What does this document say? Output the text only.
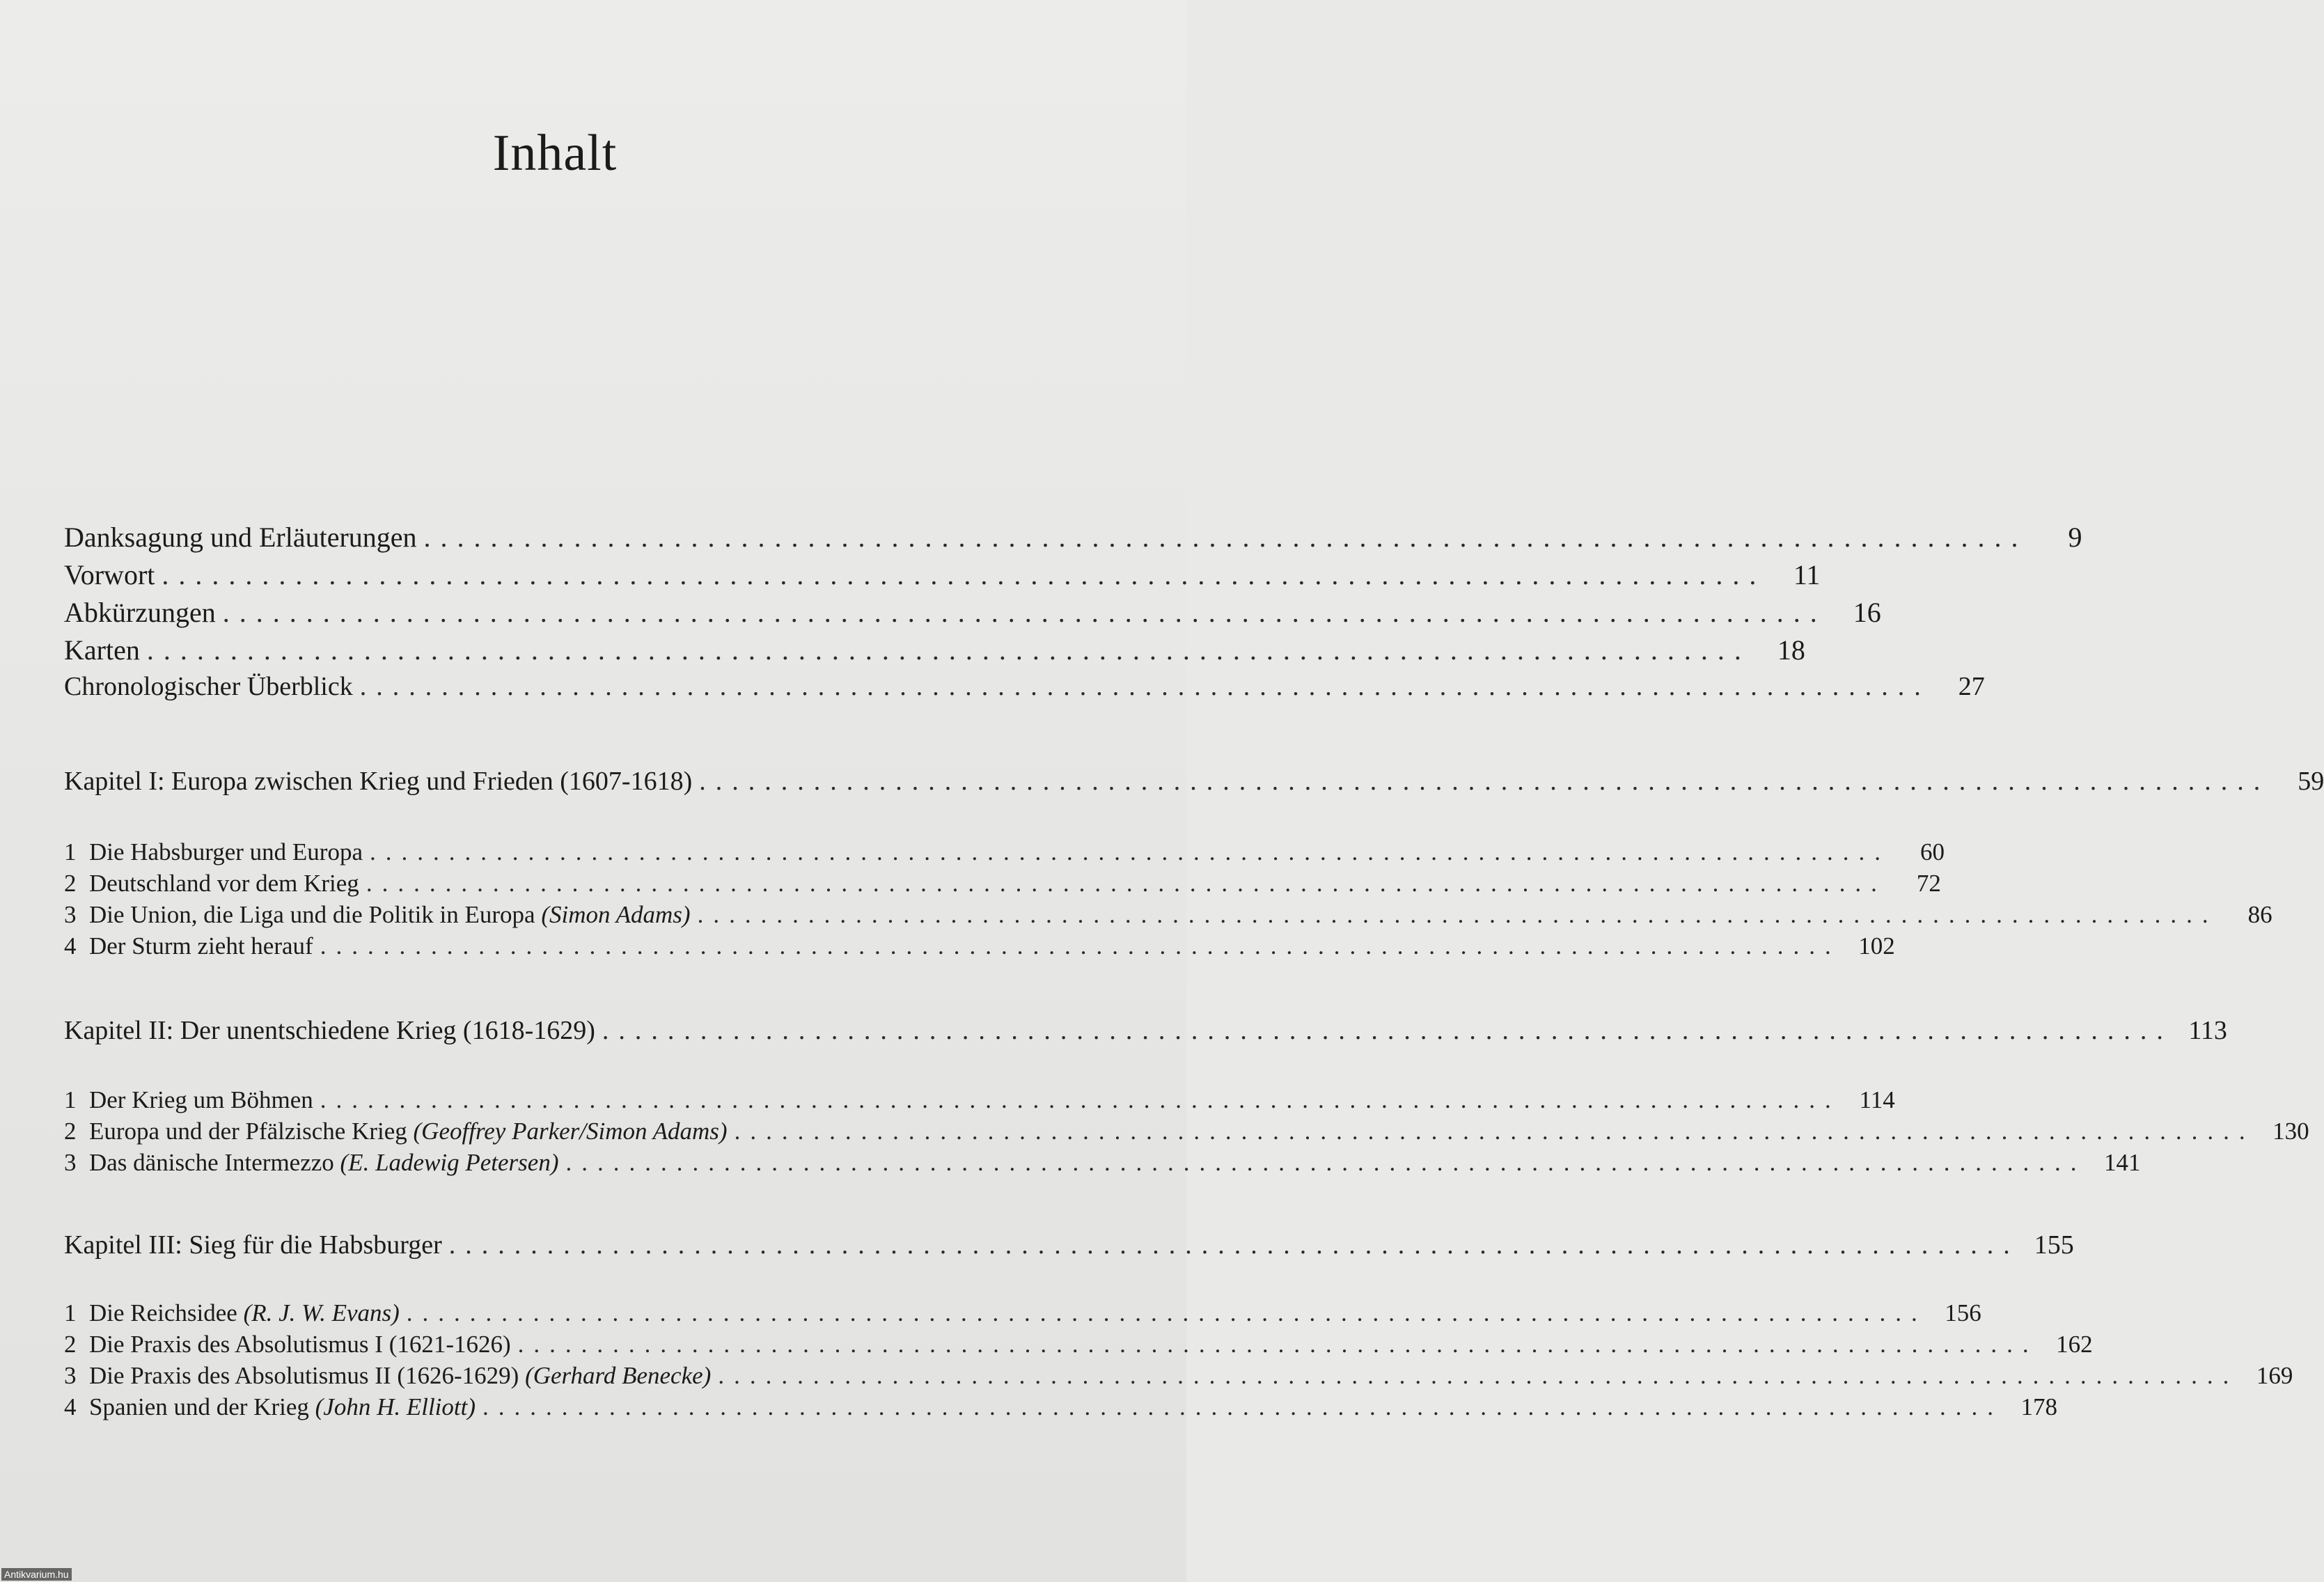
Inhalt
Danksagung und Erläuterungen ................................................................................................	9
Vorwort ................................................................................................ 11
Abkürzungen ................................................................................................ 16
Karten ................................................................................................ 18
Chronologischer Überblick ................................................................................................	27
Kapitel I: Europa zwischen Krieg und Frieden (1607-1618) ................................................................................................	59
1 Die Habsburger und Europa ................................................................................................	60
2 Deutschland vor dem Krieg ................................................................................................	72
3 Die Union, die Liga und die Politik in Europa (Simon Adams) ................................................................................................	86
4 Der Sturm zieht herauf ................................................................................................ 102
Kapitel II: Der unentschiedene Krieg (1618-1629) ................................................................................................ 113
1 Der Krieg um Böhmen ................................................................................................ 114
2 Europa und der Pfälzische Krieg (Geoffrey Parker/Simon Adams) ................................................................................................ 130
3 Das dänische Intermezzo (E. Ladewig Petersen) ................................................................................................ 141
Kapitel III: Sieg für die Habsburger ................................................................................................ 155
1 Die Reichsidee (R. J. W. Evans) ................................................................................................ 156
2 Die Praxis des Absolutismus I (1621-1626) ................................................................................................ 162
3 Die Praxis des Absolutismus II (1626-1629) (Gerhard Benecke) ................................................................................................ 169
4 Spanien und der Krieg (John H. Elliott) ................................................................................................ 178
Antikvarium.hu
